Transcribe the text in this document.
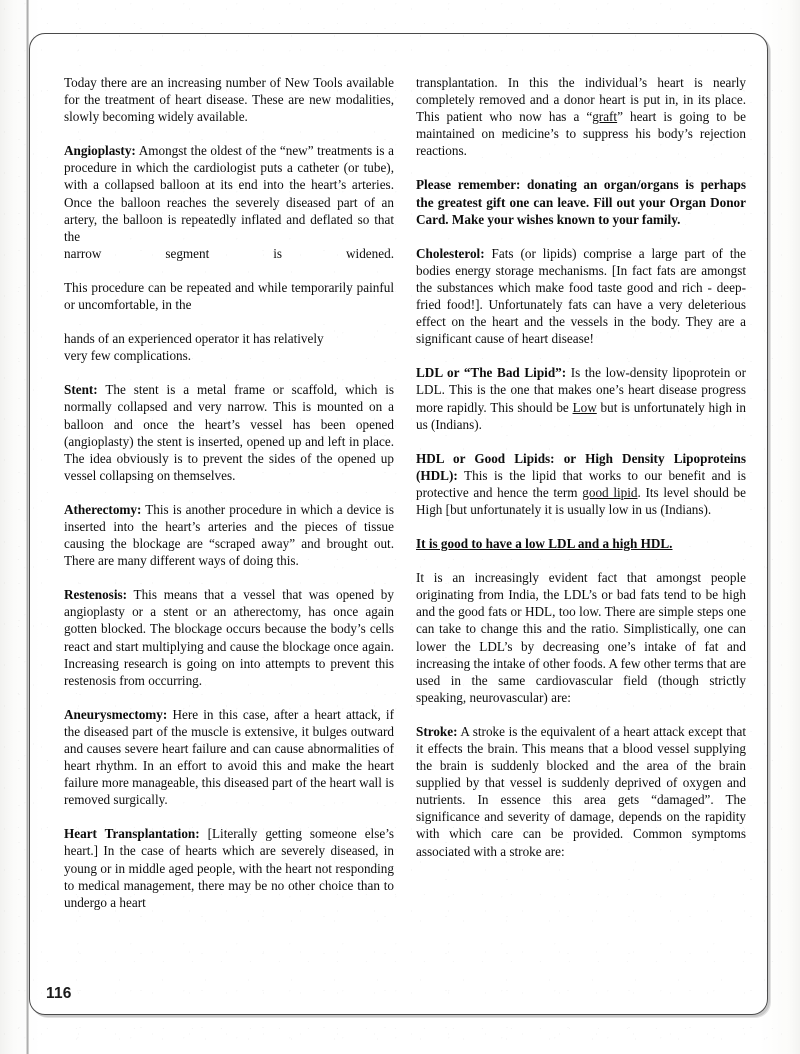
Today there are an increasing number of New Tools available for the treatment of heart disease. These are new modalities, slowly becoming widely available.

Angioplasty: Amongst the oldest of the “new” treatments is a procedure in which the cardiologist puts a catheter (or tube), with a collapsed balloon at its end into the heart’s arteries. Once the balloon reaches the severely diseased part of an artery, the balloon is repeatedly inflated and deflated so that the
narrow	segment	is	widened.

This procedure can be repeated and while temporarily painful or uncomfortable, in the

hands of an experienced operator it has relatively

very few complications.

Stent: The stent is a metal frame or scaffold, which is normally collapsed and very narrow. This is mounted on a balloon and once the heart’s vessel has been opened (angioplasty) the stent is inserted, opened up and left in place. The idea obviously is to prevent the sides of the opened up vessel collapsing on themselves.

Atherectomy: This is another procedure in which a device is inserted into the heart’s arteries and the pieces of tissue causing the blockage are “scraped away” and brought out. There are many different ways of doing this.

Restenosis: This means that a vessel that was opened by angioplasty or a stent or an atherectomy, has once again gotten blocked. The blockage occurs because the body’s cells react and start multiplying and cause the blockage once again. Increasing research is going on into attempts to prevent this restenosis from occurring.

Aneurysmectomy: Here in this case, after a heart attack, if the diseased part of the muscle is extensive, it bulges outward and causes severe heart failure and can cause abnormalities of heart rhythm. In an effort to avoid this and make the heart failure more manageable, this diseased part of the heart wall is removed surgically.

Heart Transplantation: [Literally getting someone else’s heart.] In the case of hearts which are severely diseased, in young or in middle aged people, with the heart not responding to medical management, there may be no other choice than to undergo a heart

transplantation. In this the individual’s heart is nearly completely removed and a donor heart is put in, in its place. This patient who now has a “graft” heart is going to be maintained on medicine’s to suppress his body’s rejection reactions.

Please remember: donating an organ/organs is perhaps the greatest gift one can leave. Fill out your Organ Donor Card. Make your wishes known to your family.

Cholesterol: Fats (or lipids) comprise a large part of the bodies energy storage mechanisms. [In fact fats are amongst the substances which make food taste good and rich - deep-fried food!]. Unfortunately fats can have a very deleterious effect on the heart and the vessels in the body. They are a significant cause of heart disease!

LDL or “The Bad Lipid”: Is the low-density lipoprotein or LDL. This is the one that makes one’s heart disease progress more rapidly. This should be Low but is unfortunately high in us (Indians).

HDL or Good Lipids: or High Density Lipoproteins (HDL): This is the lipid that works to our benefit and is protective and hence the term good lipid. Its level should be High [but unfortunately it is usually low in us (Indians).

It is good to have a low LDL and a high HDL.

It is an increasingly evident fact that amongst people originating from India, the LDL’s or bad fats tend to be high and the good fats or HDL, too low. There are simple steps one can take to change this and the ratio. Simplistically, one can lower the LDL’s by decreasing one’s intake of fat and increasing the intake of other foods. A few other terms that are used in the same cardiovascular field (though strictly speaking, neurovascular) are:

Stroke: A stroke is the equivalent of a heart attack except that it effects the brain. This means that a blood vessel supplying the brain is suddenly blocked and the area of the brain supplied by that vessel is suddenly deprived of oxygen and nutrients. In essence this area gets “damaged”. The significance and severity of damage, depends on the rapidity with which care can be provided. Common symptoms associated with a stroke are:

116
